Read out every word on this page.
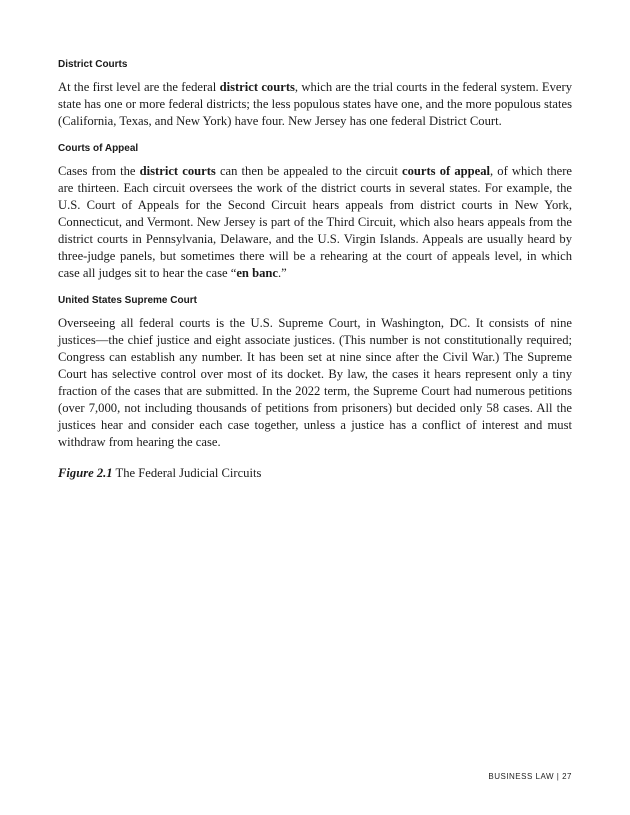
District Courts

At the first level are the federal district courts, which are the trial courts in the federal system. Every state has one or more federal districts; the less populous states have one, and the more populous states (California, Texas, and New York) have four. New Jersey has one federal District Court.

Courts of Appeal

Cases from the district courts can then be appealed to the circuit courts of appeal, of which there are thirteen. Each circuit oversees the work of the district courts in several states. For example, the U.S. Court of Appeals for the Second Circuit hears appeals from district courts in New York, Connecticut, and Vermont. New Jersey is part of the Third Circuit, which also hears appeals from the district courts in Pennsylvania, Delaware, and the U.S. Virgin Islands. Appeals are usually heard by three-judge panels, but sometimes there will be a rehearing at the court of appeals level, in which case all judges sit to hear the case “en banc.”

United States Supreme Court

Overseeing all federal courts is the U.S. Supreme Court, in Washington, DC. It consists of nine justices—the chief justice and eight associate justices. (This number is not constitutionally required; Congress can establish any number. It has been set at nine since after the Civil War.) The Supreme Court has selective control over most of its docket. By law, the cases it hears represent only a tiny fraction of the cases that are submitted. In the 2022 term, the Supreme Court had numerous petitions (over 7,000, not including thousands of petitions from prisoners) but decided only 58 cases. All the justices hear and consider each case together, unless a justice has a conflict of interest and must withdraw from hearing the case.

Figure 2.1 The Federal Judicial Circuits

BUSINESS LAW | 27
